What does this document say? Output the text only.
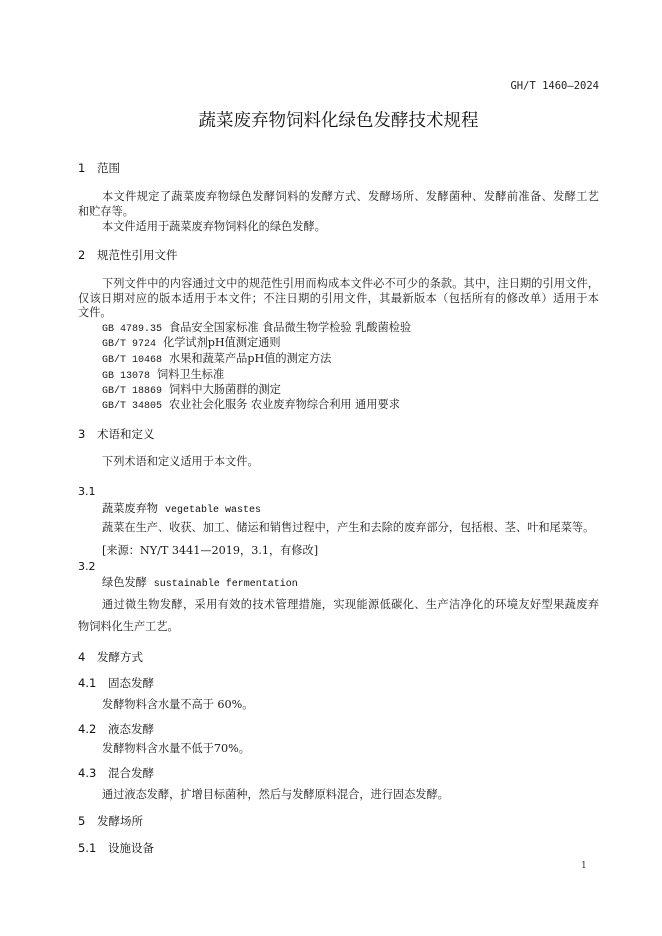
GH/T 1460—2024
蔬菜废弃物饲料化绿色发酵技术规程
1 范围
本文件规定了蔬菜废弃物绿色发酵饲料的发酵方式、发酵场所、发酵菌种、发酵前准备、发酵工艺
和贮存等。
本文件适用于蔬菜废弃物饲料化的绿色发酵。
2 规范性引用文件
下列文件中的内容通过文中的规范性引用而构成本文件必不可少的条款。其中，注日期的引用文件，
仅该日期对应的版本适用于本文件；不注日期的引用文件，其最新版本（包括所有的修改单）适用于本
文件。
GB 4789.35 食品安全国家标准 食品微生物学检验 乳酸菌检验
GB/T 9724 化学试剂pH值测定通则
GB/T 10468 水果和蔬菜产品pH值的测定方法
GB 13078 饲料卫生标准
GB/T 18869 饲料中大肠菌群的测定
GB/T 34805 农业社会化服务 农业废弃物综合利用 通用要求
3 术语和定义
下列术语和定义适用于本文件。
3.1
蔬菜废弃物 vegetable wastes
蔬菜在生产、收获、加工、储运和销售过程中，产生和去除的废弃部分，包括根、茎、叶和尾菜等。
[来源：NY/T 3441—2019，3.1，有修改]
3.2
绿色发酵 sustainable fermentation
通过微生物发酵，采用有效的技术管理措施，实现能源低碳化、生产洁净化的环境友好型果蔬废弃
物饲料化生产工艺。
4 发酵方式
4.1 固态发酵
发酵物料含水量不高于 60%。
4.2 液态发酵
发酵物料含水量不低于70%。
4.3 混合发酵
通过液态发酵，扩增目标菌种，然后与发酵原料混合，进行固态发酵。
5 发酵场所
5.1 设施设备
1
